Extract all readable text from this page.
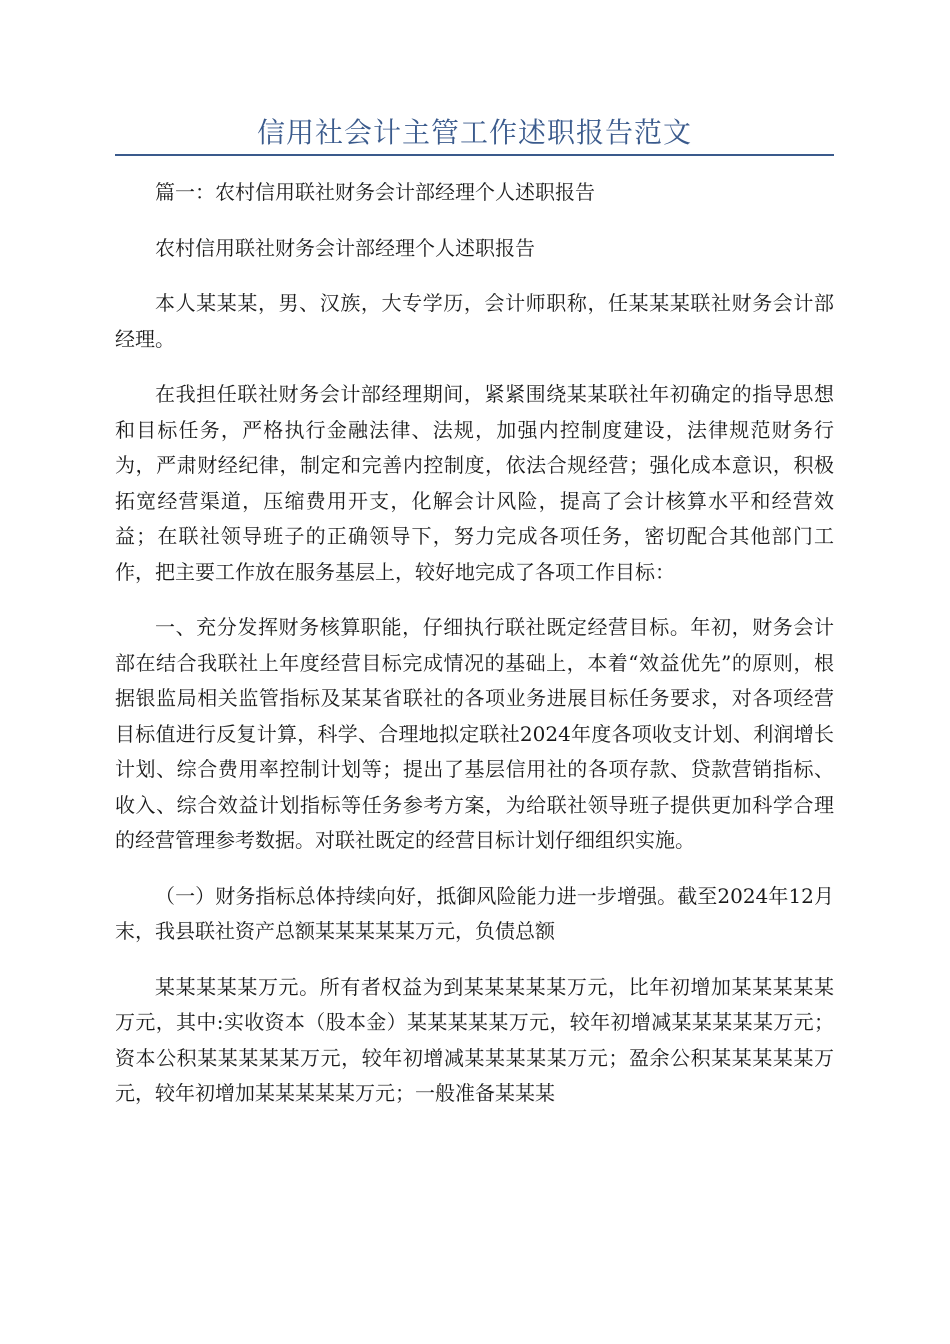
信用社会计主管工作述职报告范文

篇一：农村信用联社财务会计部经理个人述职报告

农村信用联社财务会计部经理个人述职报告

本人某某某，男、汉族，大专学历，会计师职称，任某某某联社财务会计部经理。

在我担任联社财务会计部经理期间，紧紧围绕某某联社年初确定的指导思想和目标任务，严格执行金融法律、法规，加强内控制度建设，法律规范财务行为，严肃财经纪律，制定和完善内控制度，依法合规经营；强化成本意识，积极拓宽经营渠道，压缩费用开支，化解会计风险，提高了会计核算水平和经营效益；在联社领导班子的正确领导下，努力完成各项任务，密切配合其他部门工作，把主要工作放在服务基层上，较好地完成了各项工作目标：

一、充分发挥财务核算职能，仔细执行联社既定经营目标。年初，财务会计部在结合我联社上年度经营目标完成情况的基础上，本着“效益优先”的原则，根据银监局相关监管指标及某某省联社的各项业务进展目标任务要求，对各项经营目标值进行反复计算，科学、合理地拟定联社2024年度各项收支计划、利润增长计划、综合费用率控制计划等；提出了基层信用社的各项存款、贷款营销指标、收入、综合效益计划指标等任务参考方案，为给联社领导班子提供更加科学合理的经营管理参考数据。对联社既定的经营目标计划仔细组织实施。

（一）财务指标总体持续向好，抵御风险能力进一步增强。截至2024年12月末，我县联社资产总额某某某某某万元，负债总额

某某某某某万元。所有者权益为到某某某某某万元，比年初增加某某某某某万元，其中:实收资本（股本金）某某某某某万元，较年初增减某某某某某万元；资本公积某某某某某万元，较年初增减某某某某某万元；盈余公积某某某某某万元，较年初增加某某某某某万元；一般准备某某某
